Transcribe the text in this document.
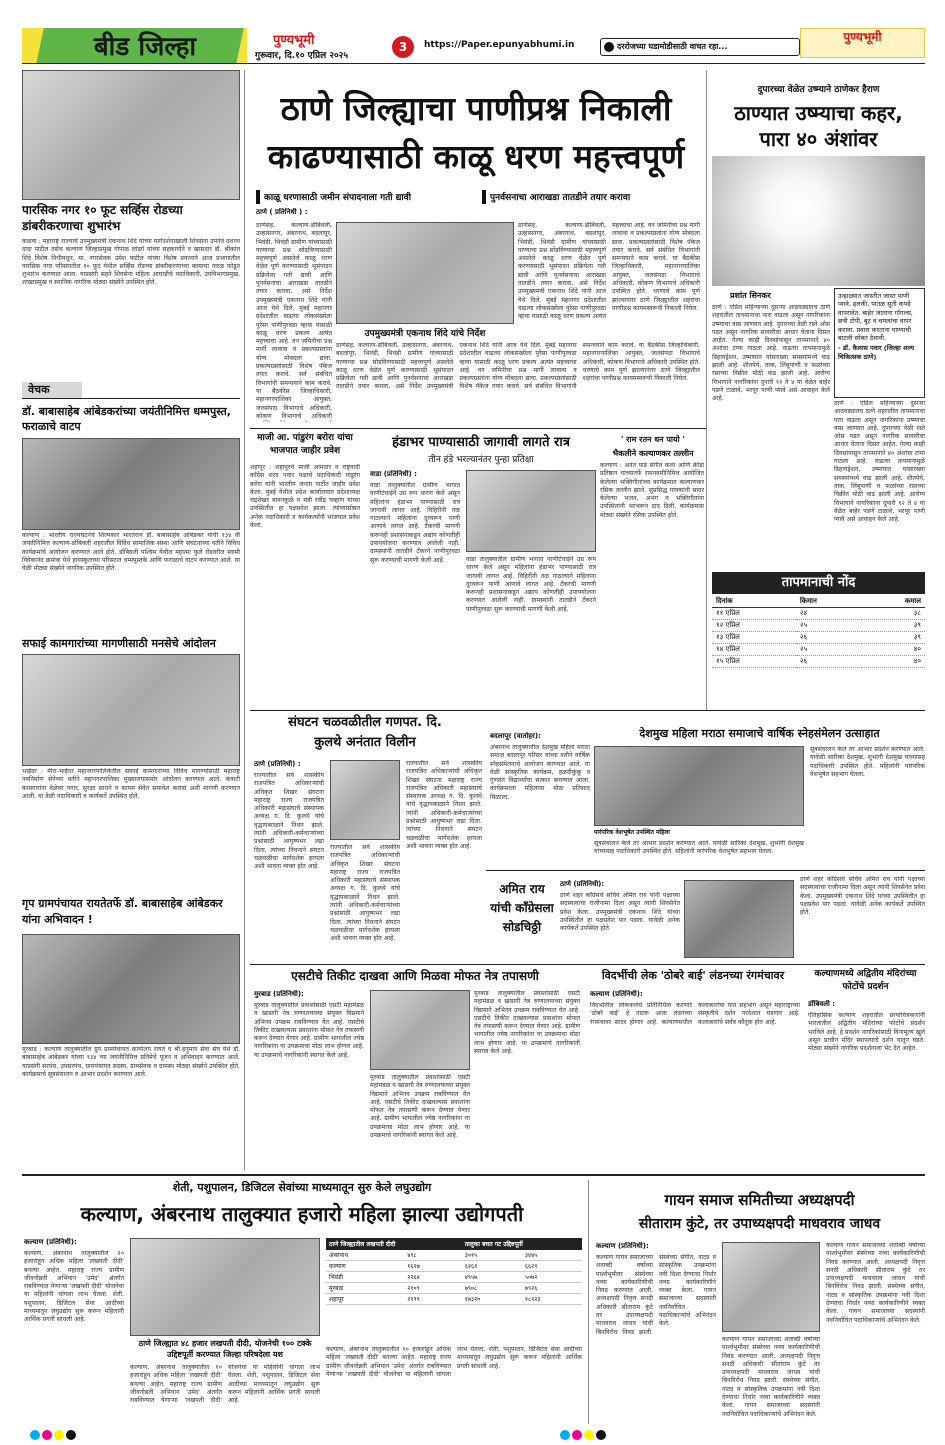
बीड जिल्हा	पुण्यभूमी
गुरूवार, दि.१० एप्रिल २०२५
3	https://Paper.epunyabhumi.in	दररोजच्या घडामोडीसाठी वाचत रहा...
पुण्यभूमी
पारसिक नगर १० फूट सर्व्हिस रोडच्या डांबरीकरणाचा शुभारंभ
कळवा : महाराष्ट्र राज्याचे उपमुख्यमंत्री एकनाथ शिंदे यांच्या मार्गदर्शनाखाली शिवसेना उपनेते दशरथ दादा पाटील तसेच कल्याण जिल्हाप्रमुख गोपाळ लांडगे यांच्या सहकार्याने व खासदार डॉ. श्रीकांत शिंदे विशेष निधीमधून, मा. नगरसेवक उमेश पाटील यांच्या विशेष प्रयत्नाने आज प्रभागातील पारसिक नगर परिसरातील १० फूट येथील सर्व्हिस रोडच्या डांबरीकरणाच्या कामाचा नारळ फोडून शुभारंभ करण्यात आला. याप्रसंगी सहने शिवसेना महिला आघाडीचे पदाधिकारी, उपविभागप्रमुख, शाखाप्रमुख व स्थानिक नागरिक मोठ्या संख्येने उपस्थित होते.
वेचक
डॉ. बाबासाहेब आंबेडकरांच्या जयंतीनिमित्त धम्मपुस्त, फराळाचे वाटप
कल्याण : भारतीय राज्यघटनेचे शिल्पकार भारतरत्न डॉ. बाबासाहेब आंबेडकर यांची १३४ वी जयंतीनिमित्त कल्याण-डोंबिवली शहरातील विविध सामाजिक संस्था आणि संघटनांच्या वतीने विविध कार्यक्रमांचे आयोजन करण्यात आले होते. डोंबिवली पश्चिम येथील महात्मा फुले रोडवरील स्वामी विवेकानंद क्रमांक येथे हायस्कूलच्या परिसरात धम्मपुस्तके आणि फराळाचे वाटप करण्यात आले. या वेळी मोठ्या संख्येने नागरिक उपस्थित होते.
सफाई कामगारांच्या मागणीसाठी मनसेचे आंदोलन
भाईंदर : मीरा-भाईंदर महानगरपालिकेतील सफाई कामगारांच्या विविध मागण्यांसाठी महाराष्ट्र नवनिर्माण सेनेच्या वतीने महानगरपालिका मुख्यालयासमोर आंदोलन करण्यात आले. कंत्राटी कामगारांना वेळेवर पगार, सुरक्षा साधने व कायम सेवेत समावेश करावा अशी मागणी करण्यात आली. या वेळी पदाधिकारी व कार्यकर्ते उपस्थित होते.
गृप ग्रामपंचायत रायतेतर्फे डॉ. बाबासाहेब आंबेडकर यांना अभिवादन !
मुरबाड : कल्याण तालुक्यातील ग्रुप ग्रामपंचायत कार्यालय रायते व श्री.हनुमान सेवा संघ येथे डॉ. बाबासाहेब आंबेडकर यांच्या १३४ व्या जयंतीनिमित्त प्रतिमेचे पूजन व अभिवादन करण्यात आले. याप्रसंगी सरपंच, उपसरपंच, ग्रामपंचायत सदस्य, ग्रामसेवक व ग्रामस्थ मोठ्या संख्येने उपस्थित होते. कार्यक्रमाचे सूत्रसंचालन व आभार प्रदर्शन करण्यात आले.
ठाणे जिल्ह्याचा पाणीप्रश्न निकाली
काढण्यासाठी काळू धरण महत्त्वपूर्ण
काळू धरणासाठी जमीन संपादनाला गती द्यावी	पुनर्वसनाचा आराखडा तातडीने तयार करावा
ठाणे ( प्रतिनिधी ) :
उपमुख्यमंत्री एकनाथ शिंदे यांचे निर्देश
ठाणेसह, कल्याण-डोंबिवली, उल्हासनगर, अंबरनाथ, बदलापूर, भिवंडी, भिवंडी ग्रामीण यांच्यासाठी पाण्याचा प्रश्न सोडविण्यासाठी महत्त्वपूर्ण असलेले काळू धरण वेळेत पूर्ण करण्यासाठी भूसंपादन प्रक्रियेला गती द्यावी आणि पुनर्वसनाचा आराखडा तातडीने तयार करावा, असे निर्देश उपमुख्यमंत्री एकनाथ शिंदे यांनी आज येथे दिले. मुंबई महानगर प्रदेशातील वाढत्या लोकसंख्येला पुरेसा पाणीपुरवठा व्हावा यासाठी काळू धरण प्रकल्प अत्यंत महत्त्वाचा आहे. वन जमिनीचा प्रश्न मार्गी लावावा व प्रकल्पग्रस्तांना योग्य मोबदला द्यावा. प्रकल्पग्रस्तांसाठी विशेष पॅकेज तयार करावे. सर्व संबंधित विभागांनी समन्वयाने काम करावे. या बैठकीस जिल्हाधिकारी, महानगरपालिका आयुक्त, जलसंपदा विभागाचे अधिकारी, कोकण विभागाचे अधिकारी
ठाणेसह, कल्याण-डोंबिवली, उल्हासनगर, अंबरनाथ, बदलापूर, भिवंडी, भिवंडी ग्रामीण यांच्यासाठी पाण्याचा प्रश्न सोडविण्यासाठी महत्त्वपूर्ण असलेले काळू धरण वेळेत पूर्ण करण्यासाठी भूसंपादन प्रक्रियेला गती द्यावी आणि पुनर्वसनाचा आराखडा तातडीने तयार करावा, असे निर्देश उपमुख्यमंत्री एकनाथ शिंदे यांनी आज येथे दिले. मुंबई महानगर प्रदेशातील वाढत्या लोकसंख्येला पुरेसा पाणीपुरवठा व्हावा यासाठी काळू धरण प्रकल्प अत्यंत महत्त्वाचा आहे. वन जमिनीचा प्रश्न मार्गी लावावा व प्रकल्पग्रस्तांना योग्य मोबदला द्यावा. प्रकल्पग्रस्तांसाठी विशेष पॅकेज तयार करावे. सर्व संबंधित विभागांनी समन्वयाने काम करावे. या बैठकीस जिल्हाधिकारी, महानगरपालिका आयुक्त, जलसंपदा विभागाचे अधिकारी, कोकण विभागाचे अधिकारी उपस्थित होते. धरणाचे काम पूर्ण झाल्यानंतर ठाणे जिल्ह्यातील शहरांचा पाणीप्रश्न कायमस्वरूपी निकाली निघेल.
ठाणेसह, कल्याण-डोंबिवली, उल्हासनगर, अंबरनाथ, बदलापूर, भिवंडी, भिवंडी ग्रामीण यांच्यासाठी पाण्याचा प्रश्न सोडविण्यासाठी महत्त्वपूर्ण असलेले काळू धरण वेळेत पूर्ण करण्यासाठी भूसंपादन प्रक्रियेला गती द्यावी आणि पुनर्वसनाचा आराखडा तातडीने तयार करावा, असे निर्देश उपमुख्यमंत्री एकनाथ शिंदे यांनी आज येथे दिले. मुंबई महानगर प्रदेशातील वाढत्या लोकसंख्येला पुरेसा पाणीपुरवठा व्हावा यासाठी काळू धरण प्रकल्प अत्यंत महत्त्वाचा आहे. वन जमिनीचा प्रश्न मार्गी लावावा व प्रकल्पग्रस्तांना योग्य मोबदला द्यावा. प्रकल्पग्रस्तांसाठी विशेष पॅकेज तयार करावे. सर्व संबंधित विभागांनी समन्वयाने काम करावे. या बैठकीस जिल्हाधिकारी, महानगरपालिका आयुक्त, जलसंपदा विभागाचे अधिकारी, कोकण विभागाचे अधिकारी उपस्थित होते. धरणाचे काम पूर्ण झाल्यानंतर ठाणे जिल्ह्यातील शहरांचा पाणीप्रश्न कायमस्वरूपी निकाली निघेल.
दुपारच्या वेळेत उष्म्याने ठाणेकर हैराण
ठाण्यात उष्म्याचा कहर,
पारा ४० अंशांवर
प्रशांत सिनकर
ठाणे : एप्रिल महिन्याच्या दुसऱ्या आठवड्यातच ठाणे शहरातील तापमानाचा पारा वाढला असून नागरिकांना उष्म्याचा त्रास जाणवत आहे. दुपारच्या वेळी रस्ते ओस पडत असून नागरिक सावलीचा आधार घेताना दिसत आहेत. गेल्या काही दिवसांपासून तापमानाने ४० अंशांचा टप्पा गाठला आहे. वाढत्या तापमानामुळे डिहायड्रेशन, उष्माघात यांसारख्या समस्यांमध्ये वाढ झाली आहे. शीतपेये, ताक, लिंबूपाणी व फळांच्या रसाच्या विक्रीत मोठी वाढ झाली आहे. आरोग्य विभागाने नागरिकांना दुपारी १२ ते ४ या वेळेत बाहेर पडणे टाळावे, भरपूर पाणी प्यावे असे आवाहन केले आहे.
उन्हाळ्यात जास्तीत जास्त पाणी प्यावे. हलकी, पातळ सुती कपडे वापरावेत. बाहेर जाताना गॉगल्स, छत्री टोपी, बूट व चपलांचा वापर करावा. प्रवास करताना पाण्याची बाटली सोबत ठेवावी.
- डॉ. कैलास पवार (जिल्हा शल्य चिकित्सक ठाणे)
ठाणे : एप्रिल महिन्याच्या दुसऱ्या आठवड्यातच ठाणे शहरातील तापमानाचा पारा वाढला असून नागरिकांना उष्म्याचा त्रास जाणवत आहे. दुपारच्या वेळी रस्ते ओस पडत असून नागरिक सावलीचा आधार घेताना दिसत आहेत. गेल्या काही दिवसांपासून तापमानाने ४० अंशांचा टप्पा गाठला आहे. वाढत्या तापमानामुळे डिहायड्रेशन, उष्माघात यांसारख्या समस्यांमध्ये वाढ झाली आहे. शीतपेये, ताक, लिंबूपाणी व फळांच्या रसाच्या विक्रीत मोठी वाढ झाली आहे. आरोग्य विभागाने नागरिकांना दुपारी १२ ते ४ या वेळेत बाहेर पडणे टाळावे, भरपूर पाणी प्यावे असे आवाहन केले आहे.
तापमानाची नोंद
दिनांक	किमान	कमाल
११ एप्रिल	२४	३८
१२ एप्रिल	२५	३९
१३ एप्रिल	२६	३९
१४ एप्रिल	२५	४०
१५ एप्रिल	२६	४०
माजी आ. पांडुरंग बरोरा यांचा भाजपात जाहीर प्रवेश
शहापूर : शहापूरचे माजी आमदार व राष्ट्रवादी काँग्रेस शरद पवार पक्षाचे पदाधिकारी पांडुरंग बरोरा यांनी भारतीय जनता पार्टीत जाहीर प्रवेश केला. मुंबई येथील प्रदेश कार्यालयात प्रदेशाध्यक्ष चंद्रशेखर बावनकुळे व मंत्री रवींद्र चव्हाण यांच्या उपस्थितीत हा पक्षप्रवेश झाला. त्यांच्यासोबत अनेक पदाधिकारी व कार्यकर्त्यांनी भाजपात प्रवेश केला.
हंडाभर पाण्यासाठी जागावी लागते रात्र
तीन हंडे भरल्यानंतर पुन्हा प्रतिक्षा
वाडा (प्रतिनिधी) :
वाडा तालुक्यातील ग्रामीण भागात पाणीटंचाईने उग्र रूप धारण केले असून महिलांना हंडाभर पाण्यासाठी रात्र जागावी लागत आहे. विहिरींनी तळ गाठल्याने महिलांना दूरवरून पाणी आणावे लागत आहे. टँकरची मागणी करूनही प्रशासनाकडून अद्याप कोणतीही उपाययोजना करण्यात आलेली नाही. ग्रामस्थांनी तातडीने टँकरने पाणीपुरवठा सुरू करण्याची मागणी केली आहे.	वाडा तालुक्यातील ग्रामीण भागात पाणीटंचाईने उग्र रूप धारण केले असून महिलांना हंडाभर पाण्यासाठी रात्र जागावी लागत आहे. विहिरींनी तळ गाठल्याने महिलांना दूरवरून पाणी आणावे लागत आहे. टँकरची मागणी करूनही प्रशासनाकडून अद्याप कोणतीही उपाययोजना करण्यात आलेली नाही. ग्रामस्थांनी तातडीने टँकरने पाणीपुरवठा सुरू करण्याची मागणी केली आहे.
' राम रतन धन पायो '
भैकलीने कल्याणकर तल्लीन
कल्याण : अनंत पाडे संगीत कला आणि क्रीडा प्रतिष्ठान यांच्यातर्फे रामनवमीनिमित्त आयोजित केलेल्या भक्तिगीतांच्या कार्यक्रमात कल्याणकर रसिक तल्लीन झाले. सुप्रसिद्ध गायकांनी सादर केलेल्या भजन, अभंग व भक्तिगीतांना उपस्थितांनी भरभरून दाद दिली. कार्यक्रमास मोठ्या संख्येने रसिक उपस्थित होते.
संघटन चळवळीतील गणपत. दि.
कुलथे अनंतात विलीन
ठाणे (प्रतिनिधी) :
राज्यातील सर्व शासकीय राजपत्रित अधिकाऱ्यांची अधिकृत शिखर संघटना महाराष्ट्र राज्य राजपत्रित अधिकारी महासंघाचे संस्थापक अध्यक्ष ग. दि. कुलथे यांचे वृद्धापकाळाने निधन झाले. त्यांनी अधिकारी-कर्मचाऱ्यांच्या प्रश्नांसाठी आयुष्यभर लढा दिला. त्यांच्या निधनाने संघटन चळवळीचा मार्गदर्शक हरपला अशी भावना व्यक्त होत आहे.
राज्यातील सर्व शासकीय राजपत्रित अधिकाऱ्यांची अधिकृत शिखर संघटना महाराष्ट्र राज्य राजपत्रित अधिकारी महासंघाचे संस्थापक अध्यक्ष ग. दि. कुलथे यांचे वृद्धापकाळाने निधन झाले. त्यांनी अधिकारी-कर्मचाऱ्यांच्या प्रश्नांसाठी आयुष्यभर लढा दिला. त्यांच्या निधनाने संघटन चळवळीचा मार्गदर्शक हरपला अशी भावना व्यक्त होत आहे.
राज्यातील सर्व शासकीय राजपत्रित अधिकाऱ्यांची अधिकृत शिखर संघटना महाराष्ट्र राज्य राजपत्रित अधिकारी महासंघाचे संस्थापक अध्यक्ष ग. दि. कुलथे यांचे वृद्धापकाळाने निधन झाले. त्यांनी अधिकारी-कर्मचाऱ्यांच्या प्रश्नांसाठी आयुष्यभर लढा दिला. त्यांच्या निधनाने संघटन चळवळीचा मार्गदर्शक हरपला अशी भावना व्यक्त होत आहे.
बदलापूर (वार्ताहर):
अंबरनाथ तालुक्यातील देशमुख महिला मराठा समाज बदलापूर परिसर यांच्या वतीने वार्षिक स्नेहसंमेलनाचे आयोजन करण्यात आले. या वेळी सांस्कृतिक कार्यक्रम, हळदीकुंकू व गुणवंत विद्यार्थ्यांचा सत्कार करण्यात आला. कार्यक्रमाला महिलांचा मोठा प्रतिसाद मिळाला.
देशमुख महिला मराठा समाजाचे वार्षिक स्नेहसंमेलन उत्साहात
पारंपरिक वेशभूषेत उपस्थित महिला
सूत्रसंचालन केले तर आभार प्रदर्शन करण्यात आले. यावेळी सारिका देशमुख, शुभांगी देशमुख यांच्यासह पदाधिकारी उपस्थित होते. महिलांनी पारंपरिक वेशभूषेत सहभाग घेतला.
सूत्रसंचालन केले तर आभार प्रदर्शन करण्यात आले. यावेळी सारिका देशमुख, शुभांगी देशमुख यांच्यासह पदाधिकारी उपस्थित होते. महिलांनी पारंपरिक वेशभूषेत सहभाग घेतला.
अमित राय यांची काँग्रेसला सोडचिठ्ठी
ठाणे (प्रतिनिधी):
ठाणे शहर काँग्रेसचे सचिव अमित राय यांनी पक्षाच्या सदस्यत्वाचा राजीनामा दिला असून त्यांनी शिवसेनेत प्रवेश केला. उपमुख्यमंत्री एकनाथ शिंदे यांच्या उपस्थितीत हा पक्षप्रवेश पार पडला. यावेळी अनेक कार्यकर्ते उपस्थित होते.
ठाणे शहर काँग्रेसचे सचिव अमित राय यांनी पक्षाच्या सदस्यत्वाचा राजीनामा दिला असून त्यांनी शिवसेनेत प्रवेश केला. उपमुख्यमंत्री एकनाथ शिंदे यांच्या उपस्थितीत हा पक्षप्रवेश पार पडला. यावेळी अनेक कार्यकर्ते उपस्थित होते.
एसटीचे तिकीट दाखवा आणि मिळवा मोफत नेत्र तपासणी
मुरबाड (प्रतिनिधी):
मुरबाड तालुक्यातील प्रवाशांसाठी एसटी महामंडळ व खासगी नेत्र रुग्णालयाच्या संयुक्त विद्यमाने अभिनव उपक्रम राबविण्यात येत आहे. एसटीचे तिकीट दाखवल्यास प्रवाशांना मोफत नेत्र तपासणी करून देण्यात येणार आहे. ग्रामीण भागातील ज्येष्ठ नागरिकांना या उपक्रमाचा मोठा लाभ होणार आहे. या उपक्रमाचे नागरिकांनी स्वागत केले आहे.
मुरबाड तालुक्यातील प्रवाशांसाठी एसटी महामंडळ व खासगी नेत्र रुग्णालयाच्या संयुक्त विद्यमाने अभिनव उपक्रम राबविण्यात येत आहे. एसटीचे तिकीट दाखवल्यास प्रवाशांना मोफत नेत्र तपासणी करून देण्यात येणार आहे. ग्रामीण भागातील ज्येष्ठ नागरिकांना या उपक्रमाचा मोठा लाभ होणार आहे. या उपक्रमाचे नागरिकांनी स्वागत केले आहे.
मुरबाड तालुक्यातील प्रवाशांसाठी एसटी महामंडळ व खासगी नेत्र रुग्णालयाच्या संयुक्त विद्यमाने अभिनव उपक्रम राबविण्यात येत आहे. एसटीचे तिकीट दाखवल्यास प्रवाशांना मोफत नेत्र तपासणी करून देण्यात येणार आहे. ग्रामीण भागातील ज्येष्ठ नागरिकांना या उपक्रमाचा मोठा लाभ होणार आहे. या उपक्रमाचे नागरिकांनी स्वागत केले आहे.
विदर्भीची लेक 'ठोबरे बाई' लंडनच्या रंगमंचावर
कल्याण (प्रतिनिधी):
विदर्भातील लोककलेचे प्रतिनिधित्व करणारे 'ठोबरे बाई' हे नाटक आता लंडनच्या रंगमंचावर सादर होणार आहे. कल्याणमधील कलाकारांचा यात सहभाग असून महाराष्ट्राच्या संस्कृतीचे दर्शन परदेशात घडणार आहे. कलाकारांचे सर्वत्र कौतुक होत आहे.
कल्याणमध्ये अद्वितीय मंदिरांच्या फोटोंचे प्रदर्शन
डोंबिवली :
ऐतिहासिक कल्याण शहरातील छायाचित्रकारांनी भारतातील अद्वितीय मंदिरांच्या फोटोंचे प्रदर्शन भरविले आहे. हे प्रदर्शन नागरिकांसाठी विनामूल्य खुले असून प्राचीन मंदिर स्थापत्याचे दर्शन यातून घडते. मोठ्या संख्येने नागरिक प्रदर्शनाला भेट देत आहेत.
शेती, पशुपालन, डिजिटल सेवांच्या माध्यमातून सुरु केले लघुउद्योग
कल्याण, अंबरनाथ तालुक्यात हजारो महिला झाल्या उद्योगपती
कल्याण (प्रतिनिधी):
कल्याण, अंबरनाथ तालुक्यातील १० हजारांहून अधिक महिला 'लखपती दीदी' बनल्या आहेत. महाराष्ट्र राज्य ग्रामीण जीवनोन्नती अभियान 'उमेद' अंतर्गत राबविण्यात येणाऱ्या 'लखपती दीदी' योजनेचा या महिलांनी चांगला लाभ घेतला. शेती, पशुपालन, डिजिटल सेवा आदींच्या माध्यमातून लघुउद्योग सुरू करून महिलांनी आर्थिक प्रगती साधली आहे.
ठाणे जिल्ह्यात ४८ हजार लखपती दीदी, योजनेची १०० टक्के उद्दिष्टपूर्ती करण्यात जिल्हा परिषदेला यश
कल्याण, अंबरनाथ तालुक्यातील १० हजारांहून अधिक महिला 'लखपती दीदी' बनल्या आहेत. महाराष्ट्र राज्य ग्रामीण जीवनोन्नती अभियान 'उमेद' अंतर्गत राबविण्यात येणाऱ्या 'लखपती दीदी' योजनेचा या महिलांनी चांगला लाभ घेतला. शेती, पशुपालन, डिजिटल सेवा आदींच्या माध्यमातून लघुउद्योग सुरू करून महिलांनी आर्थिक प्रगती साधली आहे.
ठाणे जिल्ह्यातील लखपती दीदी		तालुका बचत गट उद्दिष्टपूर्ती	
अंबरनाथ	४९८	३०१५	३४४५
कल्याण	१६२७	६२६१	६६२९
भिवंडी	२२६४	४९५७	५०७२
मुरबाड	२१०९	७९०८	७९२६
शहापूर	२९९९	१७३२०	१८९२३
कल्याण, अंबरनाथ तालुक्यातील १० हजारांहून अधिक महिला 'लखपती दीदी' बनल्या आहेत. महाराष्ट्र राज्य ग्रामीण जीवनोन्नती अभियान 'उमेद' अंतर्गत राबविण्यात येणाऱ्या 'लखपती दीदी' योजनेचा या महिलांनी चांगला लाभ घेतला. शेती, पशुपालन, डिजिटल सेवा आदींच्या माध्यमातून लघुउद्योग सुरू करून महिलांनी आर्थिक प्रगती साधली आहे.
गायन समाज समितीच्या अध्यक्षपदी
सीताराम कुंटे, तर उपाध्यक्षपदी माधवराव जाधव
कल्याण (प्रतिनिधी):
कल्याण गायन समाजाच्या शताब्दी वर्षाच्या पार्श्वभूमीवर संस्थेच्या नव्या कार्यकारिणीची निवड करण्यात आली. अध्यक्षपदी निवृत्त सनदी अधिकारी सीताराम कुंटे तर उपाध्यक्षपदी माधवराव जाधव यांची बिनविरोध निवड झाली. संस्थेच्या संगीत, नाट्य व सांस्कृतिक उपक्रमांना नवी दिशा देण्याचा निर्धार नव्या कार्यकारिणीने व्यक्त केला. गायन समाजाच्या सदस्यांनी नवनिर्वाचित पदाधिकाऱ्यांचे अभिनंदन केले.
कल्याण गायन समाजाच्या शताब्दी वर्षाच्या पार्श्वभूमीवर संस्थेच्या नव्या कार्यकारिणीची निवड करण्यात आली. अध्यक्षपदी निवृत्त सनदी अधिकारी सीताराम कुंटे तर उपाध्यक्षपदी माधवराव जाधव यांची बिनविरोध निवड झाली. संस्थेच्या संगीत, नाट्य व सांस्कृतिक उपक्रमांना नवी दिशा देण्याचा निर्धार नव्या कार्यकारिणीने व्यक्त केला. गायन समाजाच्या सदस्यांनी नवनिर्वाचित पदाधिकाऱ्यांचे अभिनंदन केले.
कल्याण गायन समाजाच्या शताब्दी वर्षाच्या पार्श्वभूमीवर संस्थेच्या नव्या कार्यकारिणीची निवड करण्यात आली. अध्यक्षपदी निवृत्त सनदी अधिकारी सीताराम कुंटे तर उपाध्यक्षपदी माधवराव जाधव यांची बिनविरोध निवड झाली. संस्थेच्या संगीत, नाट्य व सांस्कृतिक उपक्रमांना नवी दिशा देण्याचा निर्धार नव्या कार्यकारिणीने व्यक्त केला. गायन समाजाच्या सदस्यांनी नवनिर्वाचित पदाधिकाऱ्यांचे अभिनंदन केले.
